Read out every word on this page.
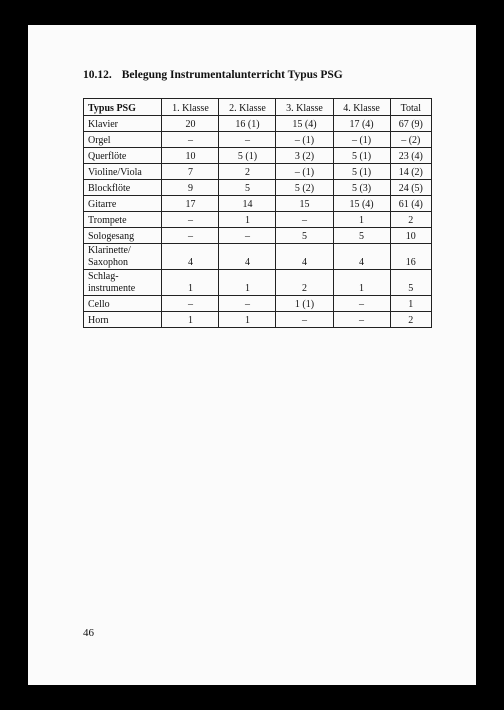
10.12. Belegung Instrumentalunterricht Typus PSG
Typus PSG	1. Klasse	2. Klasse	3. Klasse	4. Klasse	Total
Klavier	20	16 (1)	15 (4)	17 (4)	67 (9)
Orgel	–	–	– (1)	– (1)	– (2)
Querflöte	10	5 (1)	3 (2)	5 (1)	23 (4)
Violine/Viola	7	2	– (1)	5 (1)	14 (2)
Blockflöte	9	5	5 (2)	5 (3)	24 (5)
Gitarre	17	14	15	15 (4)	61 (4)
Trompete	–	1	–	1	2
Sologesang	–	–	5	5	10
Klarinette/
Saxophon	4	4	4	4	16
Schlag-
instrumente	1	1	2	1	5
Cello	–	–	1 (1)	–	1
Horn	1	1	–	–	2
46
